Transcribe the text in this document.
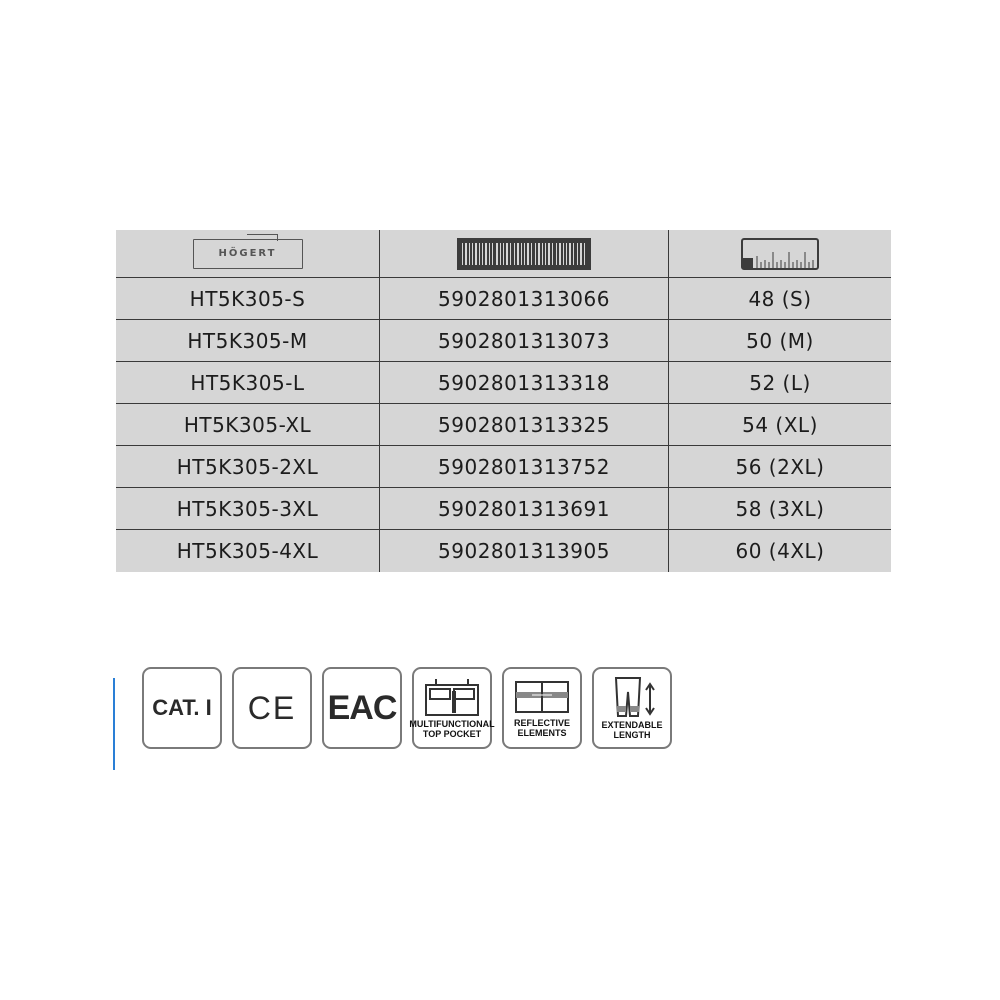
HÖGERT
HT5K305-S	5902801313066	48 (S)
HT5K305-M	5902801313073	50 (M)
HT5K305-L	5902801313318	52 (L)
HT5K305-XL	5902801313325	54 (XL)
HT5K305-2XL	5902801313752	56 (2XL)
HT5K305-3XL	5902801313691	58 (3XL)
HT5K305-4XL	5902801313905	60 (4XL)
CAT. I CE EAC MULTIFUNCTIONAL
TOP POCKET
REFLECTIVE
ELEMENTS
EXTENDABLE
LENGTH
